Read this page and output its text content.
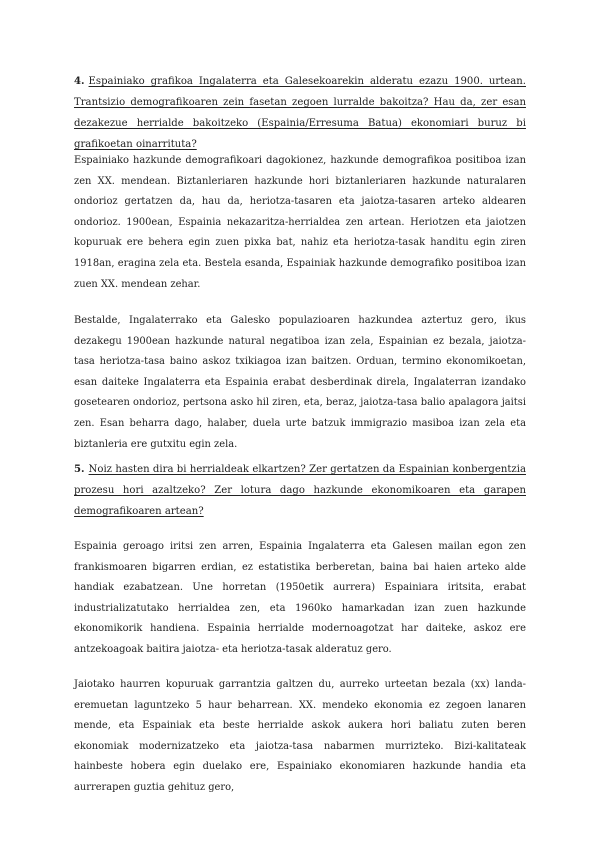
4. Espainiako grafikoa Ingalaterra eta Galesekoarekin alderatu ezazu 1900. urtean. Trantsizio demografikoaren zein fasetan zegoen lurralde bakoitza? Hau da, zer esan dezakezue herrialde bakoitzeko (Espainia/Erresuma Batua) ekonomiari buruz bi grafikoetan oinarrituta?

Espainiako hazkunde demografikoari dagokionez, hazkunde demografikoa positiboa izan zen XX. mendean. Biztanleriaren hazkunde hori biztanleriaren hazkunde naturalaren ondorioz gertatzen da, hau da, heriotza-tasaren eta jaiotza-tasaren arteko aldearen ondorioz. 1900ean, Espainia nekazaritza-herrialdea zen artean. Heriotzen eta jaiotzen kopuruak ere behera egin zuen pixka bat, nahiz eta heriotza-tasak handitu egin ziren 1918an, eragina zela eta. Bestela esanda, Espainiak hazkunde demografiko positiboa izan zuen XX. mendean zehar.

Bestalde, Ingalaterrako eta Galesko populazioaren hazkundea aztertuz gero, ikus dezakegu 1900ean hazkunde natural negatiboa izan zela, Espainian ez bezala, jaiotza-tasa heriotza-tasa baino askoz txikiagoa izan baitzen. Orduan, termino ekonomikoetan, esan daiteke Ingalaterra eta Espainia erabat desberdinak direla, Ingalaterran izandako gosetearen ondorioz, pertsona asko hil ziren, eta, beraz, jaiotza-tasa balio apalagora jaitsi zen. Esan beharra dago, halaber, duela urte batzuk immigrazio masiboa izan zela eta biztanleria ere gutxitu egin zela.

5. Noiz hasten dira bi herrialdeak elkartzen? Zer gertatzen da Espainian konbergentzia prozesu hori azaltzeko? Zer lotura dago hazkunde ekonomikoaren eta garapen demografikoaren artean?

Espainia geroago iritsi zen arren, Espainia Ingalaterra eta Galesen mailan egon zen frankismoaren bigarren erdian, ez estatistika berberetan, baina bai haien arteko alde handiak ezabatzean. Une horretan (1950etik aurrera) Espainiara iritsita, erabat industrializatutako herrialdea zen, eta 1960ko hamarkadan izan zuen hazkunde ekonomikorik handiena. Espainia herrialde modernoagotzat har daiteke, askoz ere antzekoagoak baitira jaiotza- eta heriotza-tasak alderatuz gero.

Jaiotako haurren kopuruak garrantzia galtzen du, aurreko urteetan bezala (xx) landa-eremuetan laguntzeko 5 haur beharrean. XX. mendeko ekonomia ez zegoen lanaren mende, eta Espainiak eta beste herrialde askok aukera hori baliatu zuten beren ekonomiak modernizatzeko eta jaiotza-tasa nabarmen murrizteko. Bizi-kalitateak hainbeste hobera egin duelako ere, Espainiako ekonomiaren hazkunde handia eta aurrerapen guztia gehituz gero,
